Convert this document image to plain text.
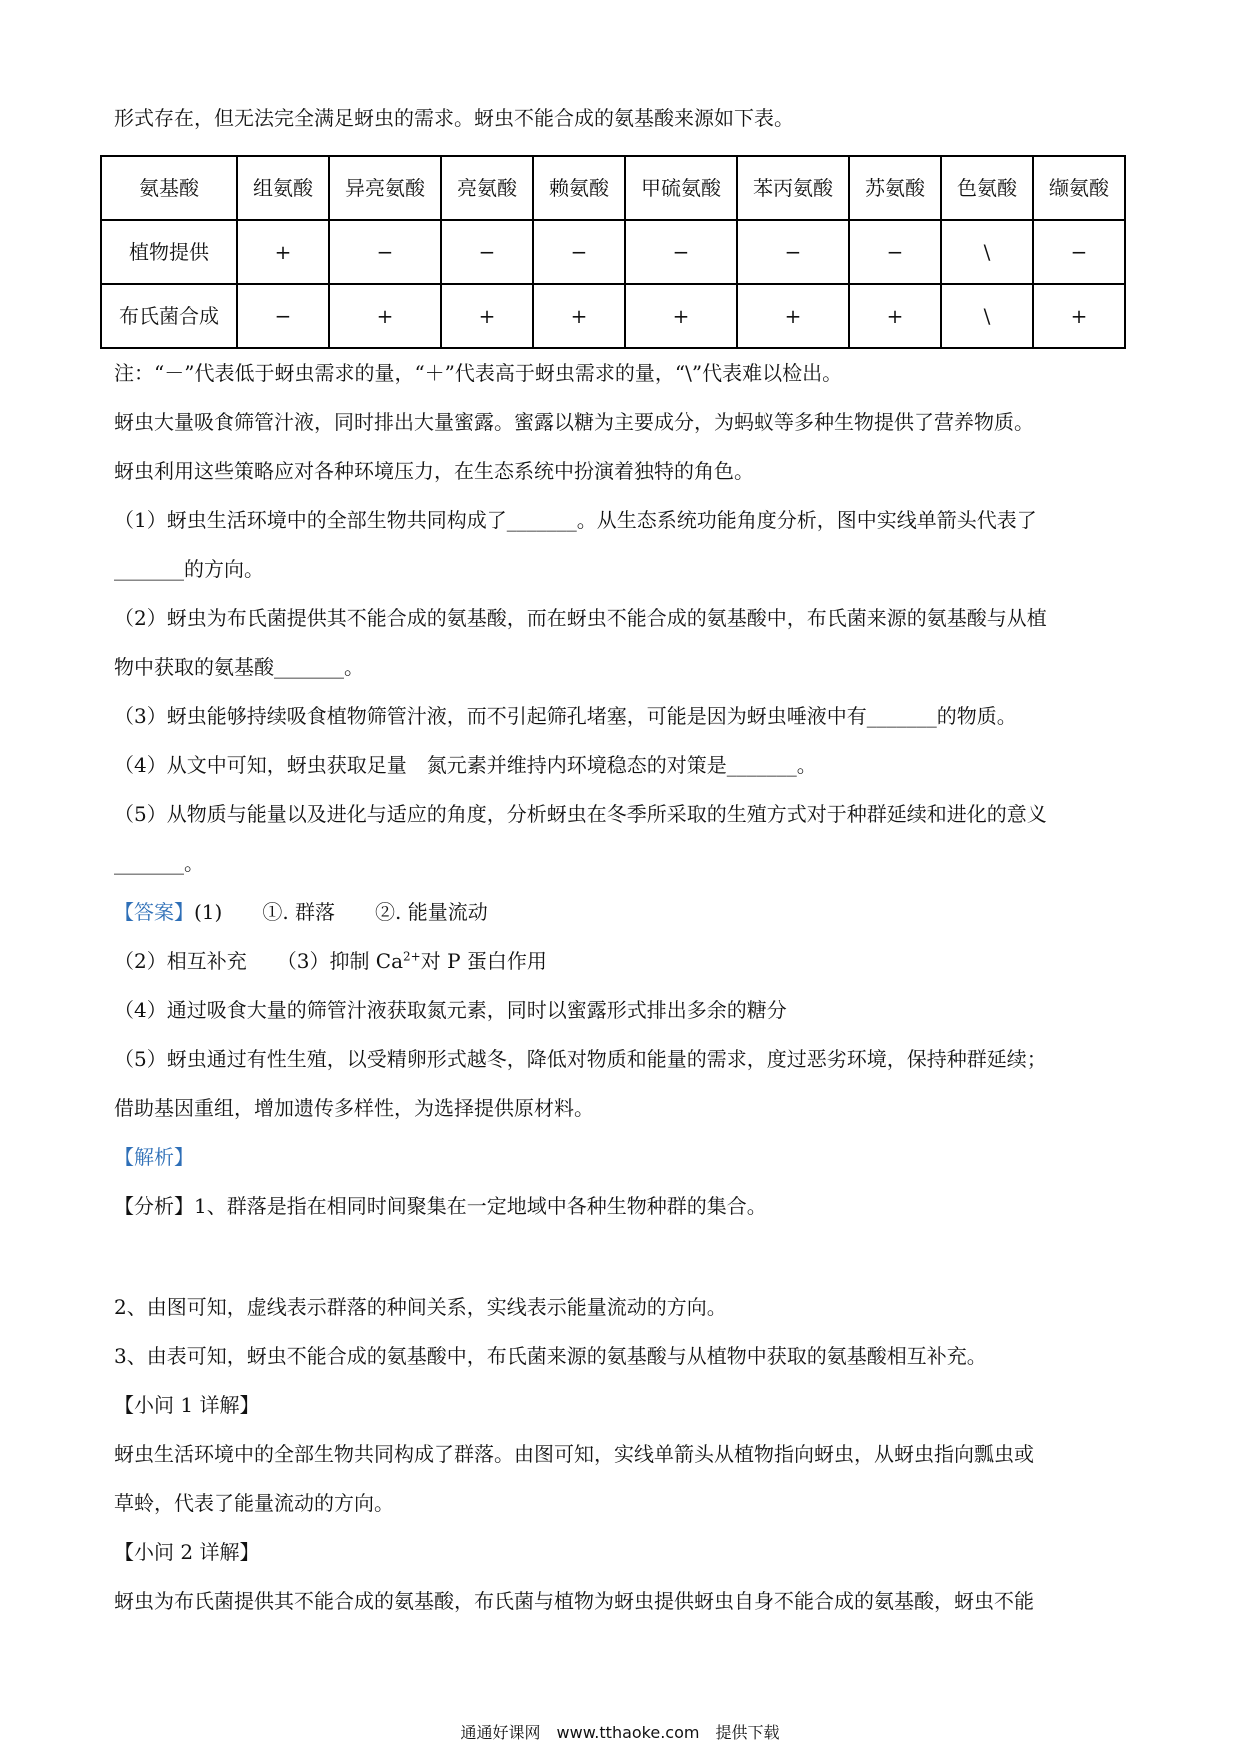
形式存在，但无法完全满足蚜虫的需求。蚜虫不能合成的氨基酸来源如下表。

氨基酸	组氨酸	异亮氨酸	亮氨酸	赖氨酸	甲硫氨酸	苯丙氨酸	苏氨酸	色氨酸	缬氨酸
植物提供	+	−	−	−	−	−	−	\	−
布氏菌合成	−	+	+	+	+	+	+	\	+

注：“－”代表低于蚜虫需求的量，“＋”代表高于蚜虫需求的量，“\”代表难以检出。

蚜虫大量吸食筛管汁液，同时排出大量蜜露。蜜露以糖为主要成分，为蚂蚁等多种生物提供了营养物质。

蚜虫利用这些策略应对各种环境压力，在生态系统中扮演着独特的角色。

（1）蚜虫生活环境中的全部生物共同构成了_______。从生态系统功能角度分析，图中实线单箭头代表了

_______的方向。

（2）蚜虫为布氏菌提供其不能合成的氨基酸，而在蚜虫不能合成的氨基酸中，布氏菌来源的氨基酸与从植

物中获取的氨基酸_______。

（3）蚜虫能够持续吸食植物筛管汁液，而不引起筛孔堵塞，可能是因为蚜虫唾液中有_______的物质。

（4）从文中可知，蚜虫获取足量　氮元素并维持内环境稳态的对策是_______。

（5）从物质与能量以及进化与适应的角度，分析蚜虫在冬季所采取的生殖方式对于种群延续和进化的意义

_______。

【答案】(1)　　①. 群落　　②. 能量流动

（2）相互补充　　（3）抑制 $Ca^{2+}$对 P 蛋白作用

（4）通过吸食大量的筛管汁液获取氮元素，同时以蜜露形式排出多余的糖分

（5）蚜虫通过有性生殖，以受精卵形式越冬，降低对物质和能量的需求，度过恶劣环境，保持种群延续；

借助基因重组，增加遗传多样性，为选择提供原材料。

【解析】

【分析】1、群落是指在相同时间聚集在一定地域中各种生物种群的集合。

2、由图可知，虚线表示群落的种间关系，实线表示能量流动的方向。

3、由表可知，蚜虫不能合成的氨基酸中，布氏菌来源的氨基酸与从植物中获取的氨基酸相互补充。

【小问 1 详解】

蚜虫生活环境中的全部生物共同构成了群落。由图可知，实线单箭头从植物指向蚜虫，从蚜虫指向瓢虫或

草蛉，代表了能量流动的方向。

【小问 2 详解】

蚜虫为布氏菌提供其不能合成的氨基酸，布氏菌与植物为蚜虫提供蚜虫自身不能合成的氨基酸，蚜虫不能

通通好课网　www.tthaoke.com　提供下载
